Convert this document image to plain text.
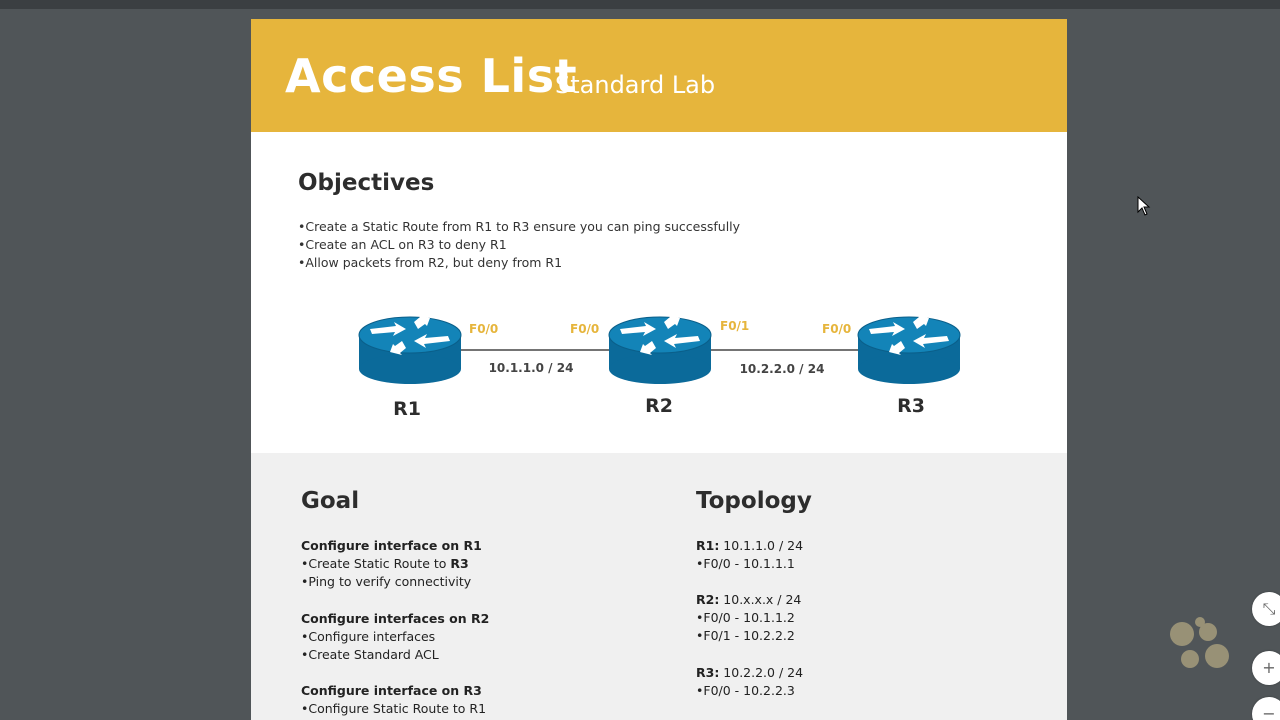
Access List
Standard Lab
Objectives
• Create a Static Route from R1 to R3 ensure you can ping successfully
• Create an ACL on R3 to deny R1
• Allow packets from R2, but deny from R1
F0/0	F0/0	F0/1	F0/0
10.1.1.0 / 24	10.2.2.0 / 24
R1	R2	R3
Goal
Configure interface on R1
• Create Static Route to R3
• Ping to verify connectivity
Configure interfaces on R2
• Configure interfaces
• Create Standard ACL
Configure interface on R3
• Configure Static Route to R1
Topology
R1: 10.1.1.0 / 24
• F0/0 - 10.1.1.1
R2: 10.x.x.x / 24
• F0/0 - 10.1.1.2
• F0/1 - 10.2.2.2
R3: 10.2.2.0 / 24
• F0/0 - 10.2.2.3
⤡
+
−
